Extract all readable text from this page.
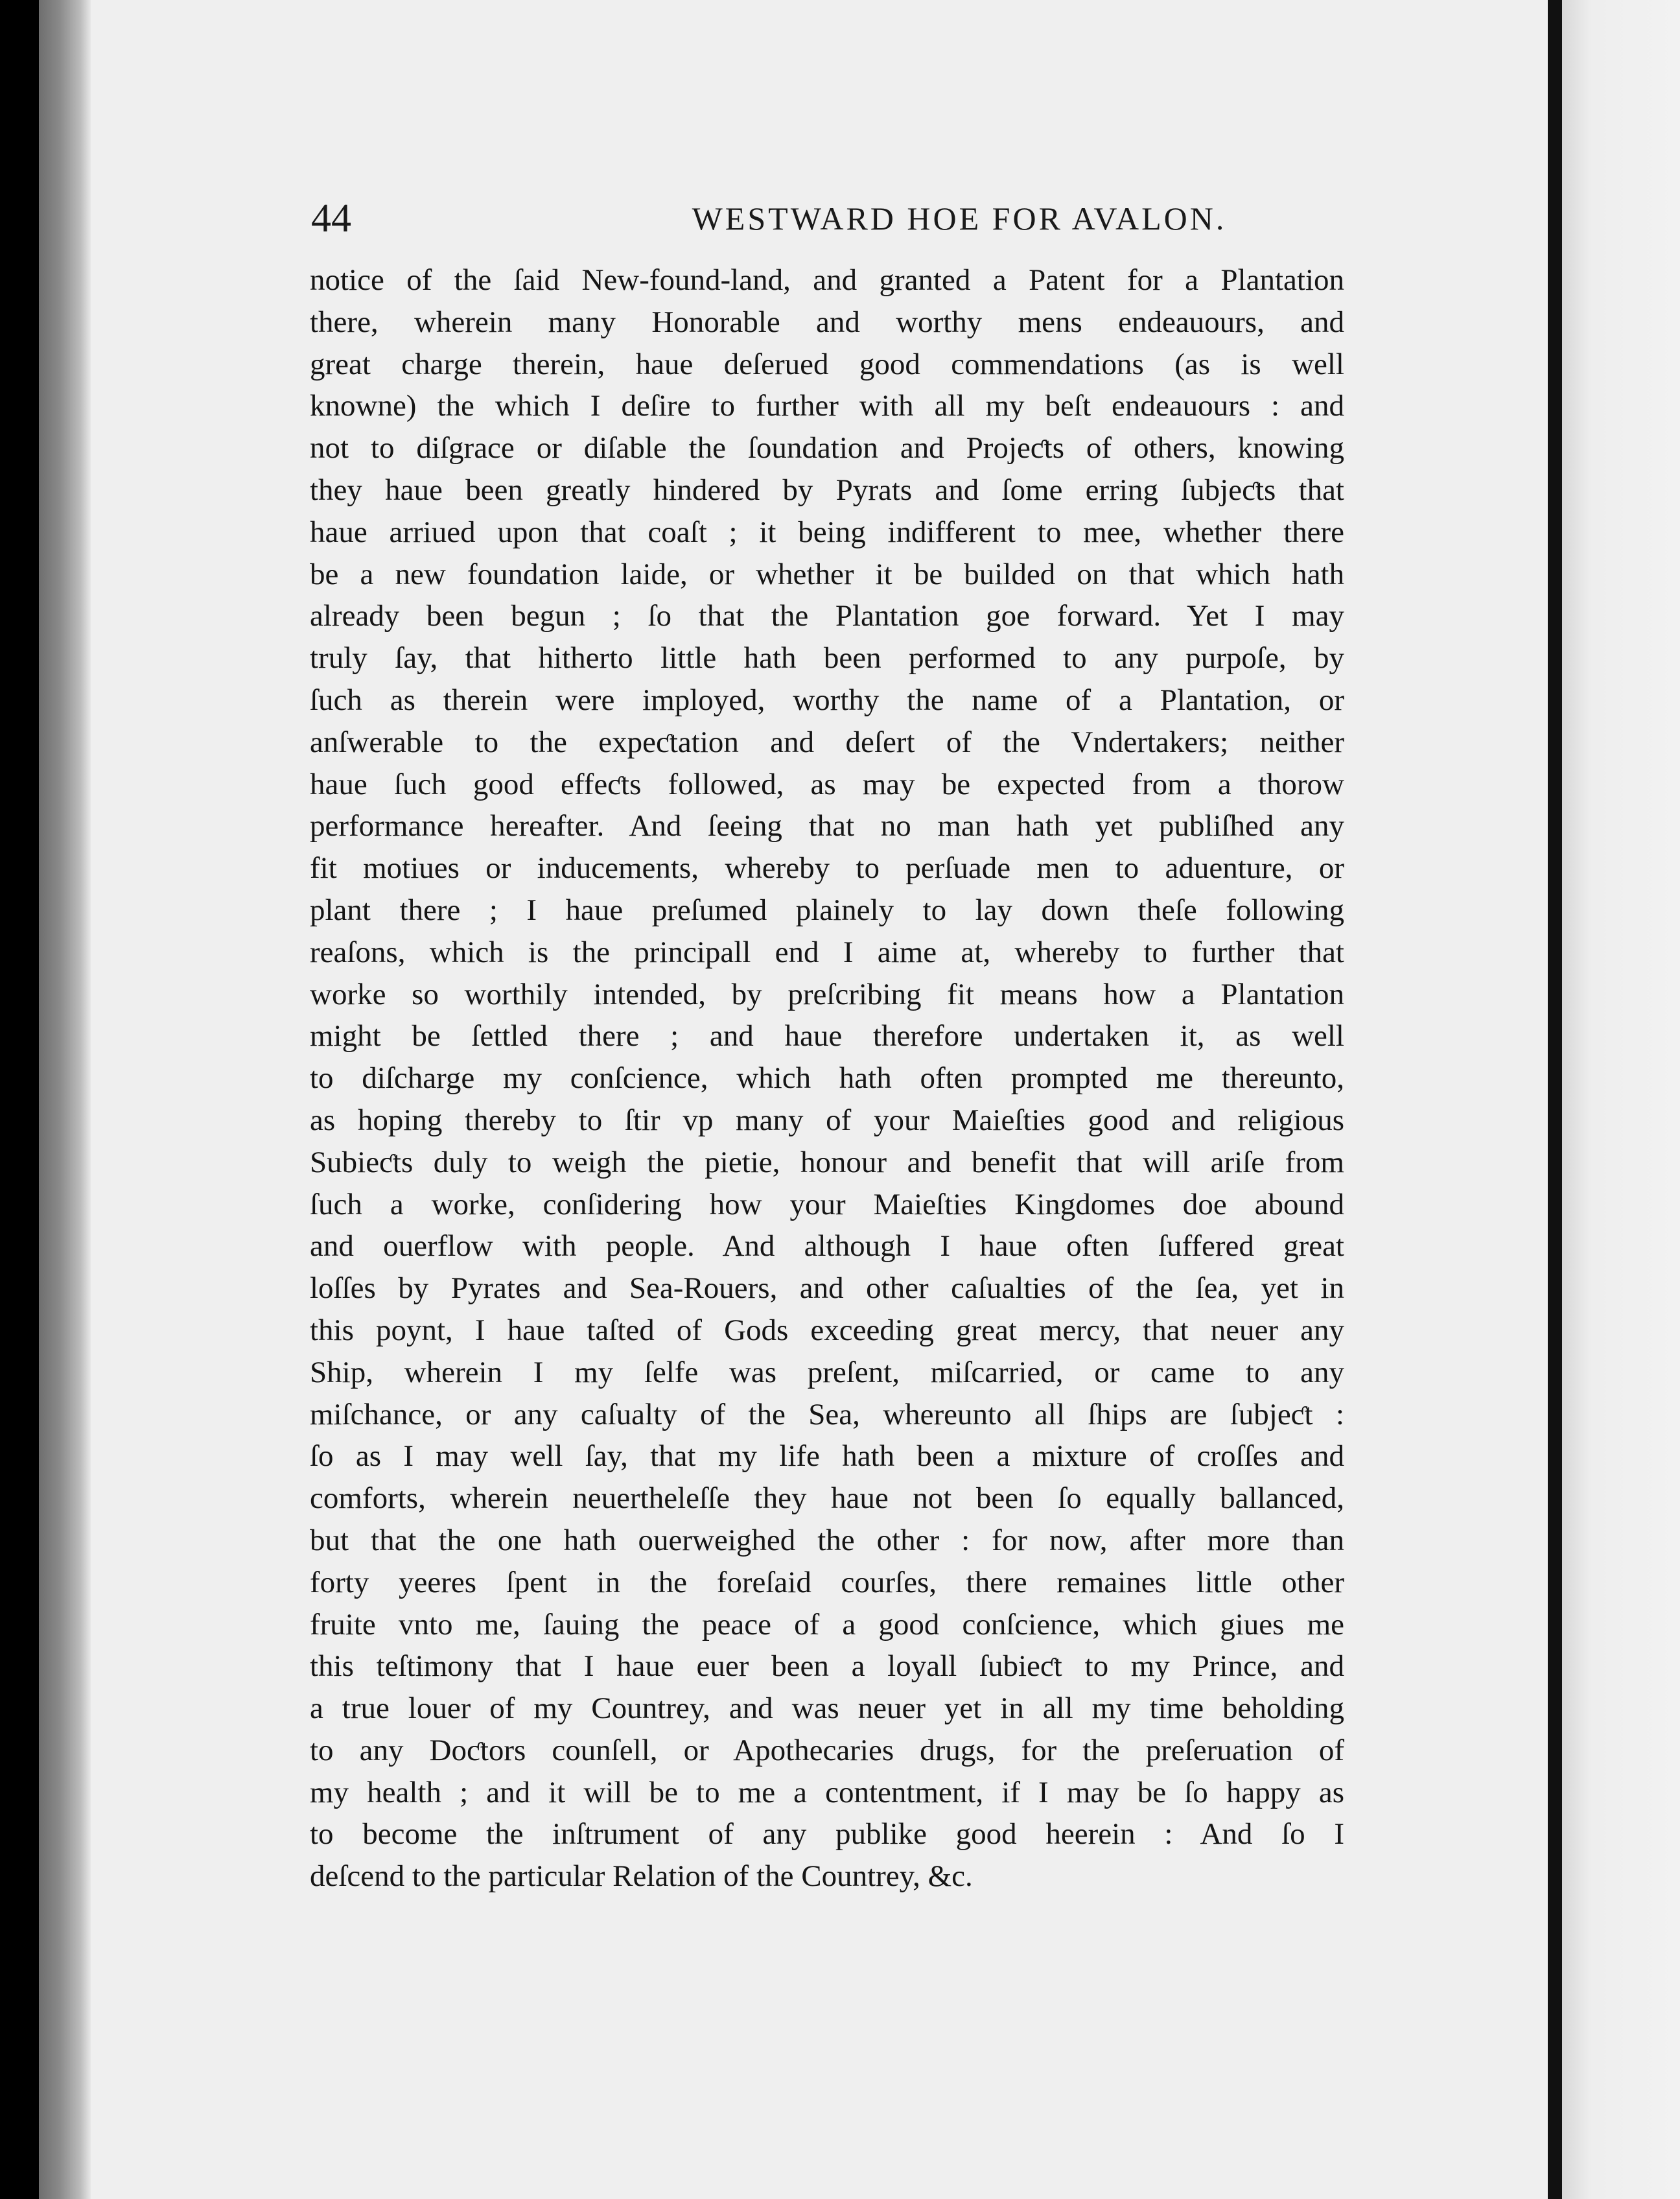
44	WESTWARD HOE FOR AVALON.
notice of the ſaid New-found-land, and granted a Patent for a Plantation
there, wherein many Honorable and worthy mens endeauours, and
great charge therein, haue deſerued good commendations (as is well
knowne) the which I deſire to further with all my beſt endeauours : and
not to diſgrace or diſable the ſoundation and Projeƈts of others, knowing
they haue been greatly hindered by Pyrats and ſome erring ſubjeƈts that
haue arriued upon that coaſt ; it being indifferent to mee, whether there
be a new foundation laide, or whether it be builded on that which hath
already been begun ; ſo that the Plantation goe forward. Yet I may
truly ſay, that hitherto little hath been performed to any purpoſe, by
ſuch as therein were imployed, worthy the name of a Plantation, or
anſwerable to the expeƈtation and deſert of the Vndertakers; neither
haue ſuch good effeƈts followed, as may be expected from a thorow
performance hereafter. And ſeeing that no man hath yet publiſhed any
fit motiues or inducements, whereby to perſuade men to aduenture, or
plant there ; I haue preſumed plainely to lay down theſe following
reaſons, which is the principall end I aime at, whereby to further that
worke so worthily intended, by preſcribing fit means how a Plantation
might be ſettled there ; and haue therefore undertaken it, as well
to diſcharge my conſcience, which hath often prompted me thereunto,
as hoping thereby to ſtir vp many of your Maieſties good and religious
Subieƈts duly to weigh the pietie, honour and benefit that will ariſe from
ſuch a worke, conſidering how your Maieſties Kingdomes doe abound
and ouerflow with people. And although I haue often ſuffered great
loſſes by Pyrates and Sea-Rouers, and other caſualties of the ſea, yet in
this poynt, I haue taſted of Gods exceeding great mercy, that neuer any
Ship, wherein I my ſelfe was preſent, miſcarried, or came to any
miſchance, or any caſualty of the Sea, whereunto all ſhips are ſubjeƈt :
ſo as I may well ſay, that my life hath been a mixture of croſſes and
comforts, wherein neuertheleſſe they haue not been ſo equally ballanced,
but that the one hath ouerweighed the other : for now, after more than
forty yeeres ſpent in the foreſaid courſes, there remaines little other
fruite vnto me, ſauing the peace of a good conſcience, which giues me
this teſtimony that I haue euer been a loyall ſubieƈt to my Prince, and
a true louer of my Countrey, and was neuer yet in all my time beholding
to any Doƈtors counſell, or Apothecaries drugs, for the preſeruation of
my health ; and it will be to me a contentment, if I may be ſo happy as
to become the inſtrument of any publike good heerein : And ſo I
deſcend to the particular Relation of the Countrey, &c.
